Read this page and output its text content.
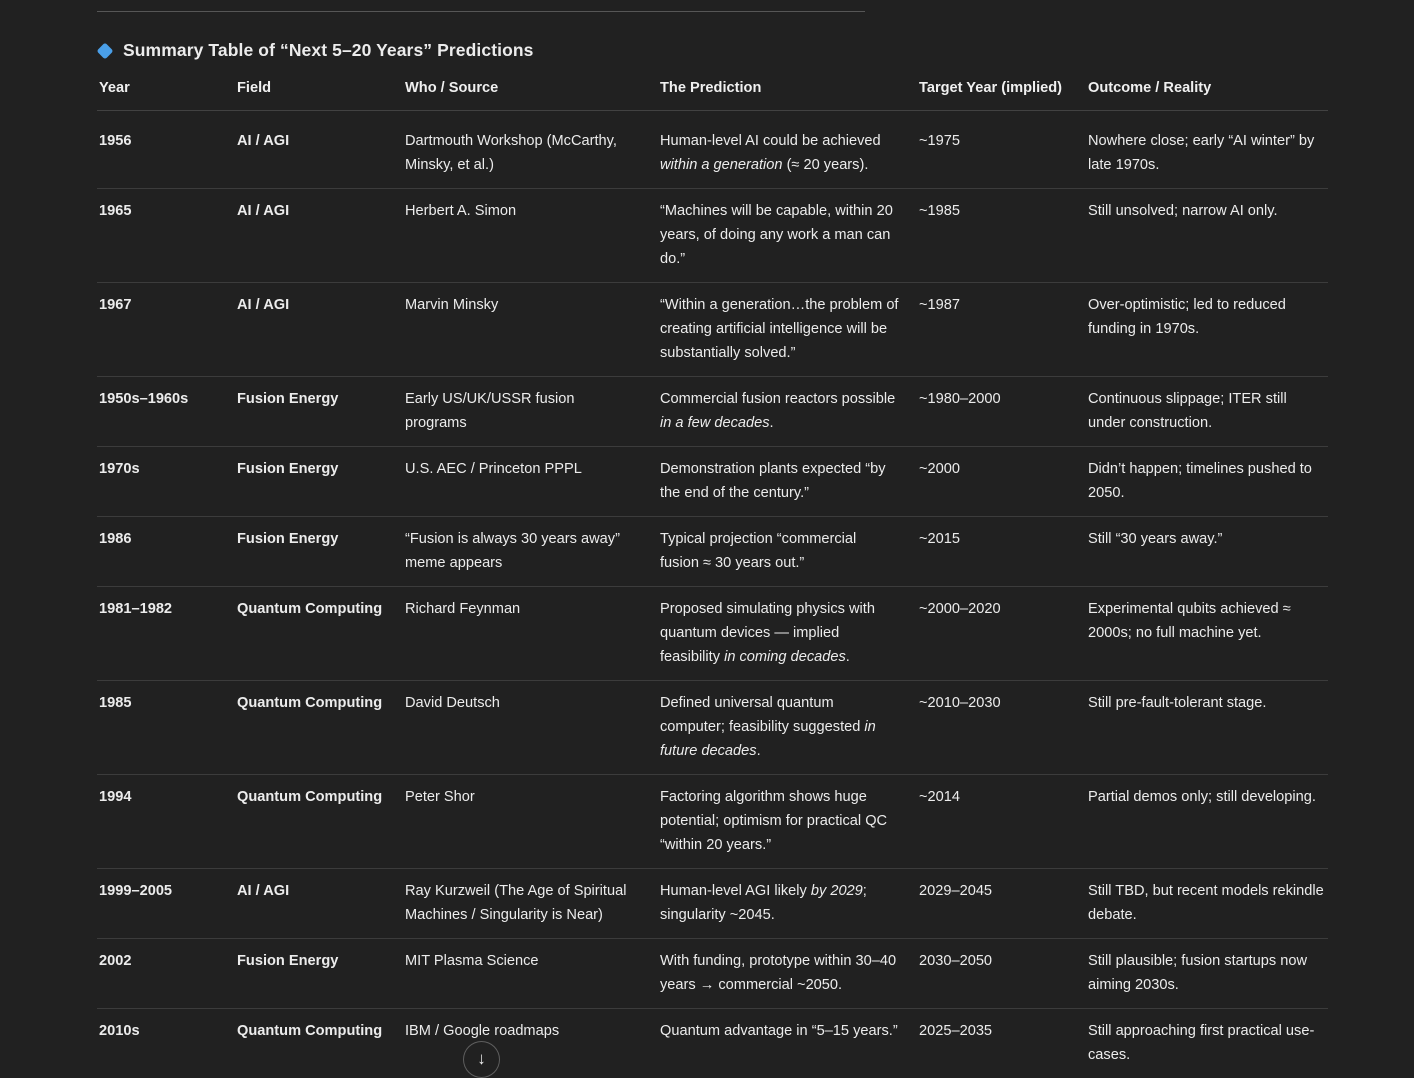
Summary Table of “Next 5–20 Years” Predictions
Year	Field	Who / Source	The Prediction	Target Year (implied)	Outcome / Reality
1956	AI / AGI	Dartmouth Workshop (McCarthy, Minsky, et al.)	Human-level AI could be achieved within a generation (≈ 20 years).	~1975	Nowhere close; early “AI winter” by late 1970s.
1965	AI / AGI	Herbert A. Simon	“Machines will be capable, within 20 years, of doing any work a man can do.”	~1985	Still unsolved; narrow AI only.
1967	AI / AGI	Marvin Minsky	“Within a generation…the problem of creating artificial intelligence will be substantially solved.”	~1987	Over-optimistic; led to reduced funding in 1970s.
1950s–1960s	Fusion Energy	Early US/UK/USSR fusion programs	Commercial fusion reactors possible in a few decades.	~1980–2000	Continuous slippage; ITER still under construction.
1970s	Fusion Energy	U.S. AEC / Princeton PPPL	Demonstration plants expected “by the end of the century.”	~2000	Didn’t happen; timelines pushed to 2050.
1986	Fusion Energy	“Fusion is always 30 years away” meme appears	Typical projection “commercial fusion ≈ 30 years out.”	~2015	Still “30 years away.”
1981–1982	Quantum Computing	Richard Feynman	Proposed simulating physics with quantum devices — implied feasibility in coming decades.	~2000–2020	Experimental qubits achieved ≈ 2000s; no full machine yet.
1985	Quantum Computing	David Deutsch	Defined universal quantum computer; feasibility suggested in future decades.	~2010–2030	Still pre-fault-tolerant stage.
1994	Quantum Computing	Peter Shor	Factoring algorithm shows huge potential; optimism for practical QC “within 20 years.”	~2014	Partial demos only; still developing.
1999–2005	AI / AGI	Ray Kurzweil (The Age of Spiritual Machines / Singularity is Near)	Human-level AGI likely by 2029; singularity ~2045.	2029–2045	Still TBD, but recent models rekindle debate.
2002	Fusion Energy	MIT Plasma Science	With funding, prototype within 30–40 years → commercial ~2050.	2030–2050	Still plausible; fusion startups now aiming 2030s.
2010s	Quantum Computing	IBM / Google roadmaps	Quantum advantage in “5–15 years.”	2025–2035	Still approaching first practical use-cases.
↓
